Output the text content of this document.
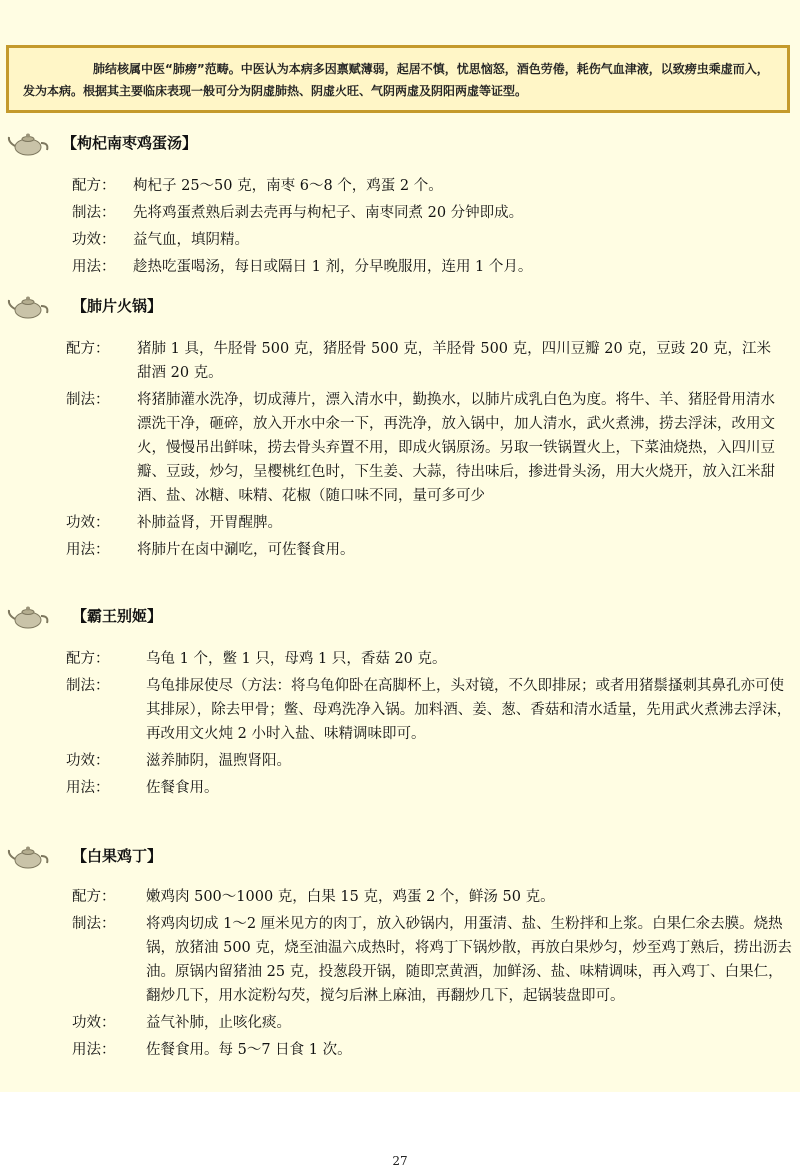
肺结核属中医“肺痨”范畴。中医认为本病多因禀赋薄弱，起居不慎，忧思恼怒，酒色劳倦，耗伤气血津液，以致痨虫乘虚而入，发为本病。根据其主要临床表现一般可分为阴虚肺热、阴虚火旺、气阴两虚及阴阳两虚等证型。

【枸杞南枣鸡蛋汤】
配方： 枸杞子 25～50 克，南枣 6～8 个，鸡蛋 2 个。
制法： 先将鸡蛋煮熟后剥去壳再与枸杞子、南枣同煮 20 分钟即成。
功效： 益气血，填阴精。
用法： 趁热吃蛋喝汤，每日或隔日 1 剂，分早晚服用，连用 1 个月。
【肺片火锅】
配方： 猪肺 1 具，牛胫骨 500 克，猪胫骨 500 克，羊胫骨 500 克，四川豆瓣 20 克，豆豉 20 克，江米甜酒 20 克。
制法： 将猪肺灌水洗净，切成薄片，漂入清水中，勤换水，以肺片成乳白色为度。将牛、羊、猪胫骨用清水漂洗干净，砸碎，放入开水中氽一下，再洗净，放入锅中，加人清水，武火煮沸，捞去浮沫，改用文火，慢慢吊出鲜味，捞去骨头弃置不用，即成火锅原汤。另取一铁锅置火上，下菜油烧热，入四川豆瓣、豆豉，炒匀，呈樱桃红色时，下生姜、大蒜，待出味后，掺进骨头汤，用大火烧开，放入江米甜酒、盐、冰糖、味精、花椒（随口味不同，量可多可少
功效： 补肺益肾，开胃醒脾。
用法： 将肺片在卤中涮吃，可佐餐食用。
【霸王别姬】
配方：	乌龟 1 个，鳖 1 只，母鸡 1 只，香菇 20 克。
制法：	乌龟排尿使尽（方法：将乌龟仰卧在高脚杯上，头对镜，不久即排尿；或者用猪鬃搔刺其鼻孔亦可使其排尿），除去甲骨；鳖、母鸡洗净入锅。加料酒、姜、葱、香菇和清水适量，先用武火煮沸去浮沫，再改用文火炖 2 小时入盐、味精调味即可。
功效：	滋养肺阴，温煦肾阳。
用法：	佐餐食用。
【白果鸡丁】
配方： 嫩鸡肉 500～1000 克，白果 15 克，鸡蛋 2 个，鲜汤 50 克。
制法： 将鸡肉切成 1～2 厘米见方的肉丁，放入砂锅内，用蛋清、盐、生粉拌和上浆。白果仁氽去膜。烧热锅，放猪油 500 克，烧至油温六成热时，将鸡丁下锅炒散，再放白果炒匀，炒至鸡丁熟后，捞出沥去油。原锅内留猪油 25 克，投葱段开锅，随即烹黄酒，加鲜汤、盐、味精调味，再入鸡丁、白果仁，翻炒几下，用水淀粉勾芡，搅匀后淋上麻油，再翻炒几下，起锅装盘即可。
功效： 益气补肺，止咳化痰。
用法： 佐餐食用。每 5～7 日食 1 次。
27
